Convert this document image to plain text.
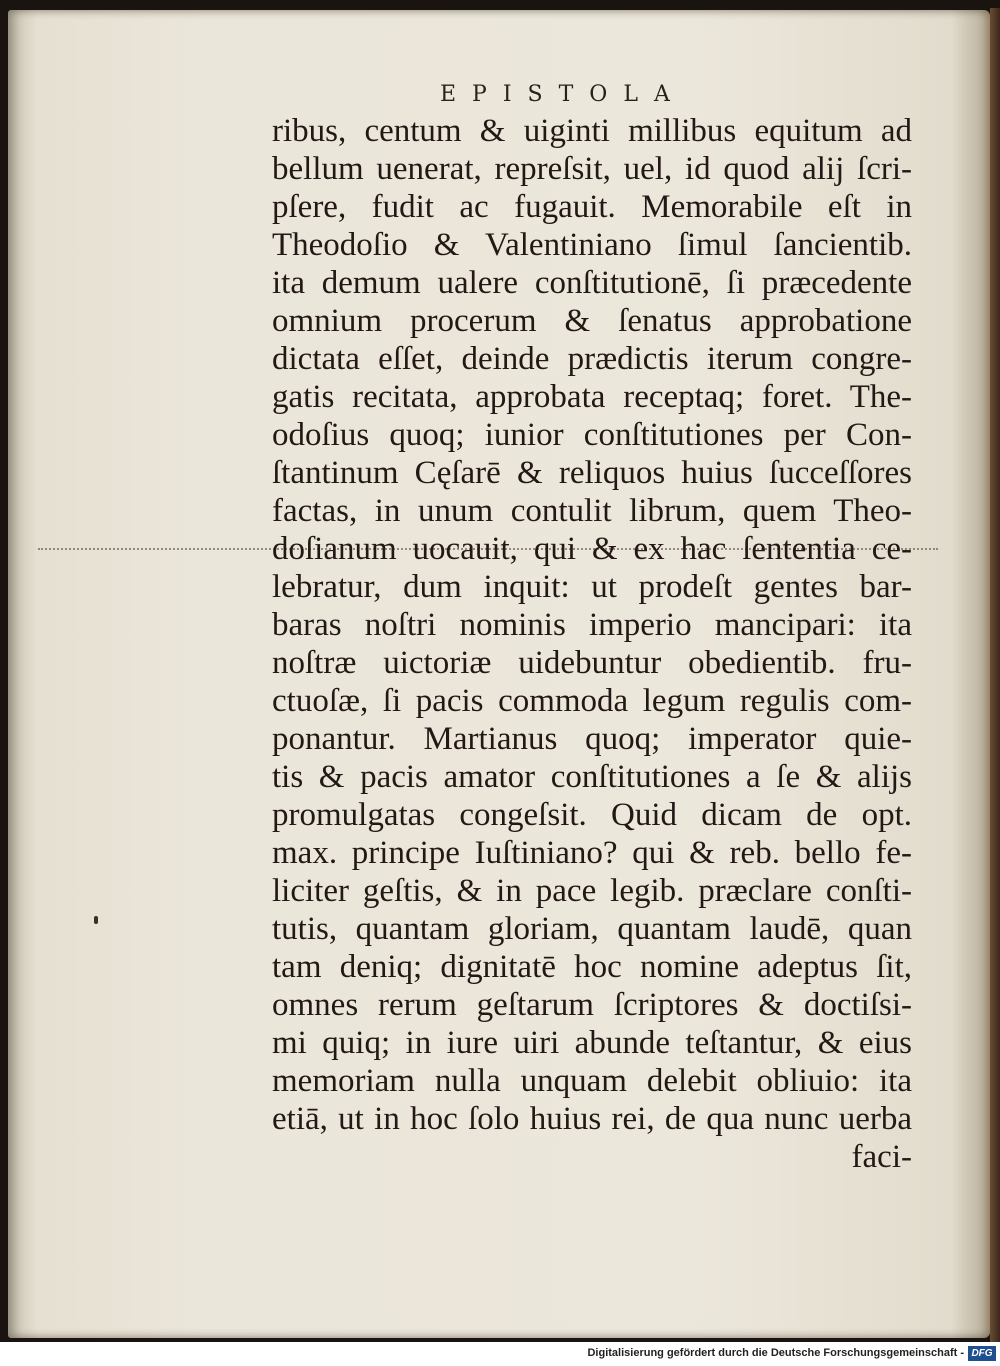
EPISTOLA
ribus, centum & uiginti millibus equitum ad
bellum uenerat, repreſsit, uel, id quod alij ſcri-
pſere, fudit ac fugauit. Memorabile eſt in
Theodoſio & Valentiniano ſimul ſancientib.
ita demum ualere conſtitutionē, ſi præcedente
omnium procerum & ſenatus approbatione
dictata eſſet, deinde prædictis iterum congre-
gatis recitata, approbata receptaq; foret. The-
odoſius quoq; iunior conſtitutiones per Con-
ſtantinum Cęſarē & reliquos huius ſucceſſores
factas, in unum contulit librum, quem Theo-
doſianum uocauit, qui & ex hac ſententia ce-
lebratur, dum inquit: ut prodeſt gentes bar-
baras noſtri nominis imperio mancipari: ita
noſtræ uictoriæ uidebuntur obedientib. fru-
ctuoſæ, ſi pacis commoda legum regulis com-
ponantur. Martianus quoq; imperator quie-
tis & pacis amator conſtitutiones a ſe & alijs
promulgatas congeſsit. Quid dicam de opt.
max. principe Iuſtiniano? qui & reb. bello fe-
liciter geſtis, & in pace legib. præclare conſti-
tutis, quantam gloriam, quantam laudē, quan
tam deniq; dignitatē hoc nomine adeptus ſit,
omnes rerum geſtarum ſcriptores & doctiſsi-
mi quiq; in iure uiri abunde teſtantur, & eius
memoriam nulla unquam delebit obliuio: ita
etiā, ut in hoc ſolo huius rei, de qua nunc uerba
faci-
Digitalisierung gefördert durch die Deutsche Forschungsgemeinschaft - DFG
